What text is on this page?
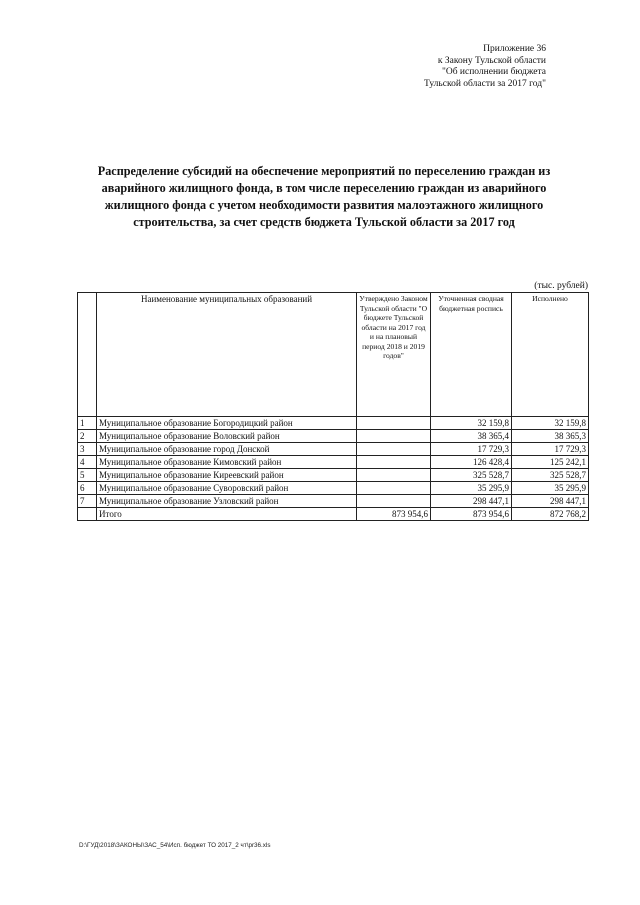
Приложение 36
к Закону Тульской области
"Об исполнении бюджета
Тульской области за 2017 год"
Распределение субсидий на обеспечение мероприятий по переселению граждан из
аварийного жилищного фонда, в том числе переселению граждан из аварийного
жилищного фонда с учетом необходимости развития малоэтажного жилищного
строительства, за счет средств бюджета Тульской области за 2017 год
(тыс. рублей)
	Наименование муниципальных образований	Утверждено Законом Тульской области "О бюджете Тульской области на 2017 год и на плановый период 2018 и 2019 годов"	Уточненная сводная бюджетная роспись	Исполнено
1	Муниципальное образование Богородицкий район		32 159,8	32 159,8
2	Муниципальное образование Воловский район		38 365,4	38 365,3
3	Муниципальное образование город Донской		17 729,3	17 729,3
4	Муниципальное образование Кимовский район		126 428,4	125 242,1
5	Муниципальное образование Киреевский район		325 528,7	325 528,7
6	Муниципальное образование Суворовский район		35 295,9	35 295,9
7	Муниципальное образование Узловский район		298 447,1	298 447,1
	Итого	873 954,6	873 954,6	872 768,2
D:\ГУД\2018\ЗАКОНЫ\ЗАС_54\Исп. бюджет ТО 2017_2 чт\pr36.xls
